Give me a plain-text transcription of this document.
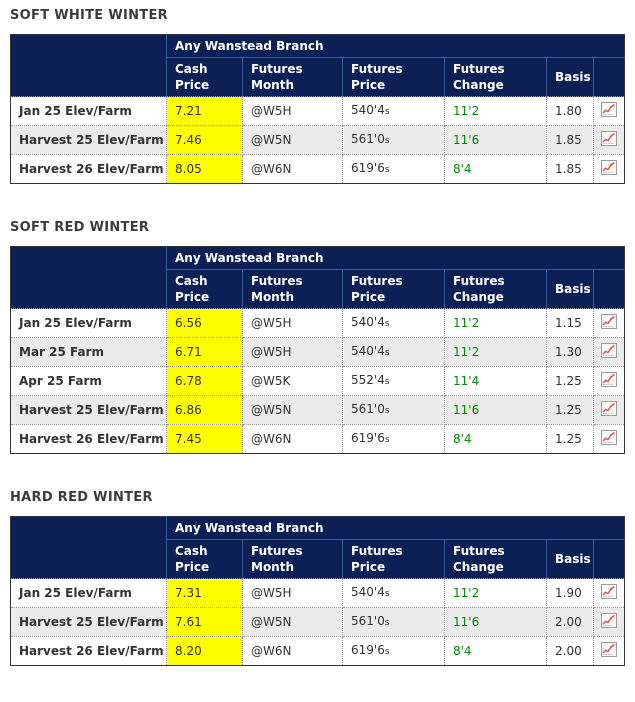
SOFT WHITE WINTER
	Any Wanstead Branch					
	Cash Price	Futures Month	Futures Price	Futures Change	Basis	
Jan 25 Elev/Farm	7.21	@W5H	540'4s	11'2	1.80	
Harvest 25 Elev/Farm	7.46	@W5N	561'0s	11'6	1.85	
Harvest 26 Elev/Farm	8.05	@W6N	619'6s	8'4	1.85	
SOFT RED WINTER
	Any Wanstead Branch					
	Cash Price	Futures Month	Futures Price	Futures Change	Basis	
Jan 25 Elev/Farm	6.56	@W5H	540'4s	11'2	1.15	
Mar 25 Farm	6.71	@W5H	540'4s	11'2	1.30	
Apr 25 Farm	6.78	@W5K	552'4s	11'4	1.25	
Harvest 25 Elev/Farm	6.86	@W5N	561'0s	11'6	1.25	
Harvest 26 Elev/Farm	7.45	@W6N	619'6s	8'4	1.25	
HARD RED WINTER
	Any Wanstead Branch					
	Cash Price	Futures Month	Futures Price	Futures Change	Basis	
Jan 25 Elev/Farm	7.31	@W5H	540'4s	11'2	1.90	
Harvest 25 Elev/Farm	7.61	@W5N	561'0s	11'6	2.00	
Harvest 26 Elev/Farm	8.20	@W6N	619'6s	8'4	2.00	
